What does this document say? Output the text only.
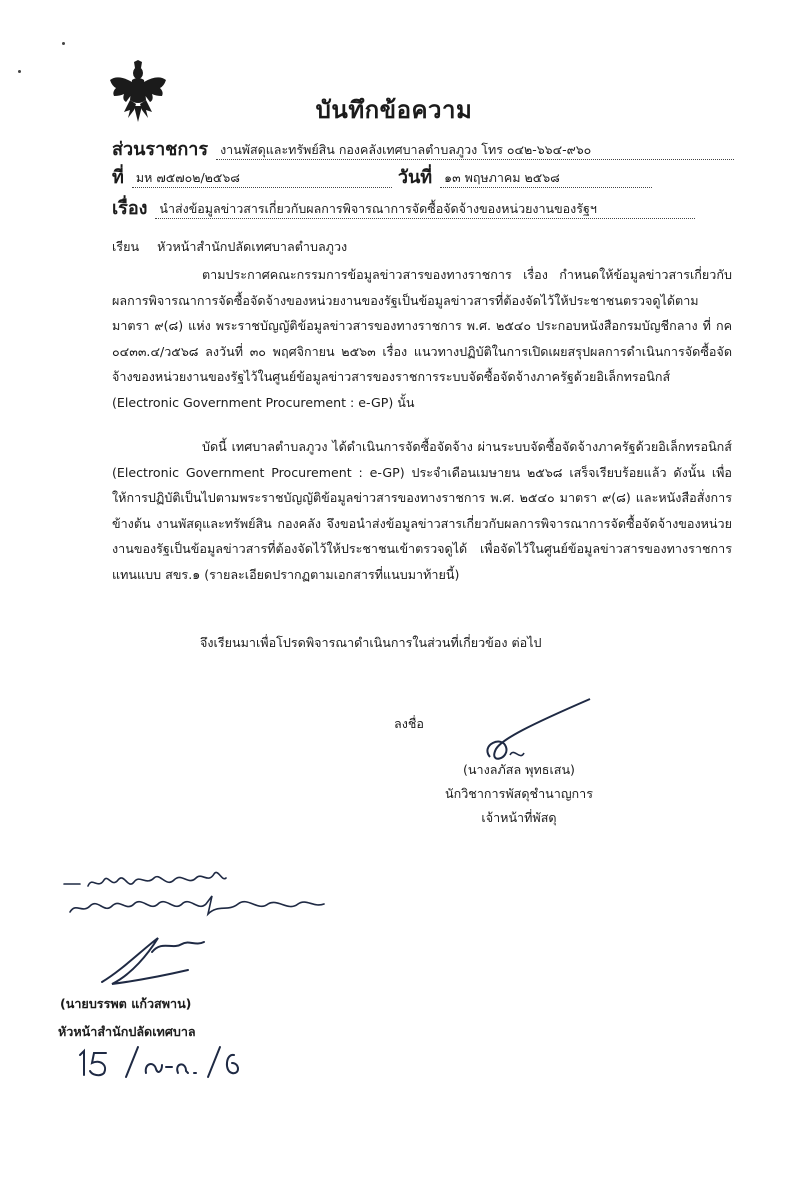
บันทึกข้อความ
ส่วนราชการ งานพัสดุและทรัพย์สิน กองคลังเทศบาลตำบลภูวง โทร ๐๔๒-๖๖๔-๙๖๐
ที่ มห ๗๕๗๐๒/๒๕๖๘	วันที่ ๑๓ พฤษภาคม ๒๕๖๘
เรื่อง นำส่งข้อมูลข่าวสารเกี่ยวกับผลการพิจารณาการจัดซื้อจัดจ้างของหน่วยงานของรัฐฯ
เรียน หัวหน้าสำนักปลัดเทศบาลตำบลภูวง

ตามประกาศคณะกรรมการข้อมูลข่าวสารของทางราชการ เรื่อง กำหนดให้ข้อมูลข่าวสารเกี่ยวกับผลการพิจารณาการจัดซื้อจัดจ้างของหน่วยงานของรัฐเป็นข้อมูลข่าวสารที่ต้องจัดไว้ให้ประชาชนตรวจดูได้ตาม มาตรา ๙(๘) แห่ง พระราชบัญญัติข้อมูลข่าวสารของทางราชการ พ.ศ. ๒๕๔๐ ประกอบหนังสือกรมบัญชีกลาง ที่ กค ๐๔๓๓.๔/ว๕๖๘ ลงวันที่ ๓๐ พฤศจิกายน ๒๕๖๓ เรื่อง แนวทางปฏิบัติในการเปิดเผยสรุปผลการดำเนินการจัดซื้อจัดจ้างของหน่วยงานของรัฐไว้ในศูนย์ข้อมูลข่าวสารของราชการระบบจัดซื้อจัดจ้างภาครัฐด้วยอิเล็กทรอนิกส์ (Electronic Government Procurement : e-GP) นั้น

บัดนี้ เทศบาลตำบลภูวง ได้ดำเนินการจัดซื้อจัดจ้าง ผ่านระบบจัดซื้อจัดจ้างภาครัฐด้วยอิเล็กทรอนิกส์ (Electronic Government Procurement : e-GP) ประจำเดือนเมษายน ๒๕๖๘ เสร็จเรียบร้อยแล้ว ดังนั้น เพื่อให้การปฏิบัติเป็นไปตามพระราชบัญญัติข้อมูลข่าวสารของทางราชการ พ.ศ. ๒๕๔๐ มาตรา ๙(๘) และหนังสือสั่งการข้างต้น งานพัสดุและทรัพย์สิน กองคลัง จึงขอนำส่งข้อมูลข่าวสารเกี่ยวกับผลการพิจารณาการจัดซื้อจัดจ้างของหน่วยงานของรัฐเป็นข้อมูลข่าวสารที่ต้องจัดไว้ให้ประชาชนเข้าตรวจดูได้ เพื่อจัดไว้ในศูนย์ข้อมูลข่าวสารของทางราชการแทนแบบ สขร.๑ (รายละเอียดปรากฏตามเอกสารที่แนบมาท้ายนี้)

จึงเรียนมาเพื่อโปรดพิจารณาดำเนินการในส่วนที่เกี่ยวข้อง ต่อไป
ลงชื่อ
(นางลภัสล พุทธเสน)
นักวิชาการพัสดุชำนาญการ
เจ้าหน้าที่พัสดุ
(นายบรรพต แก้วสพาน)
หัวหน้าสำนักปลัดเทศบาล
